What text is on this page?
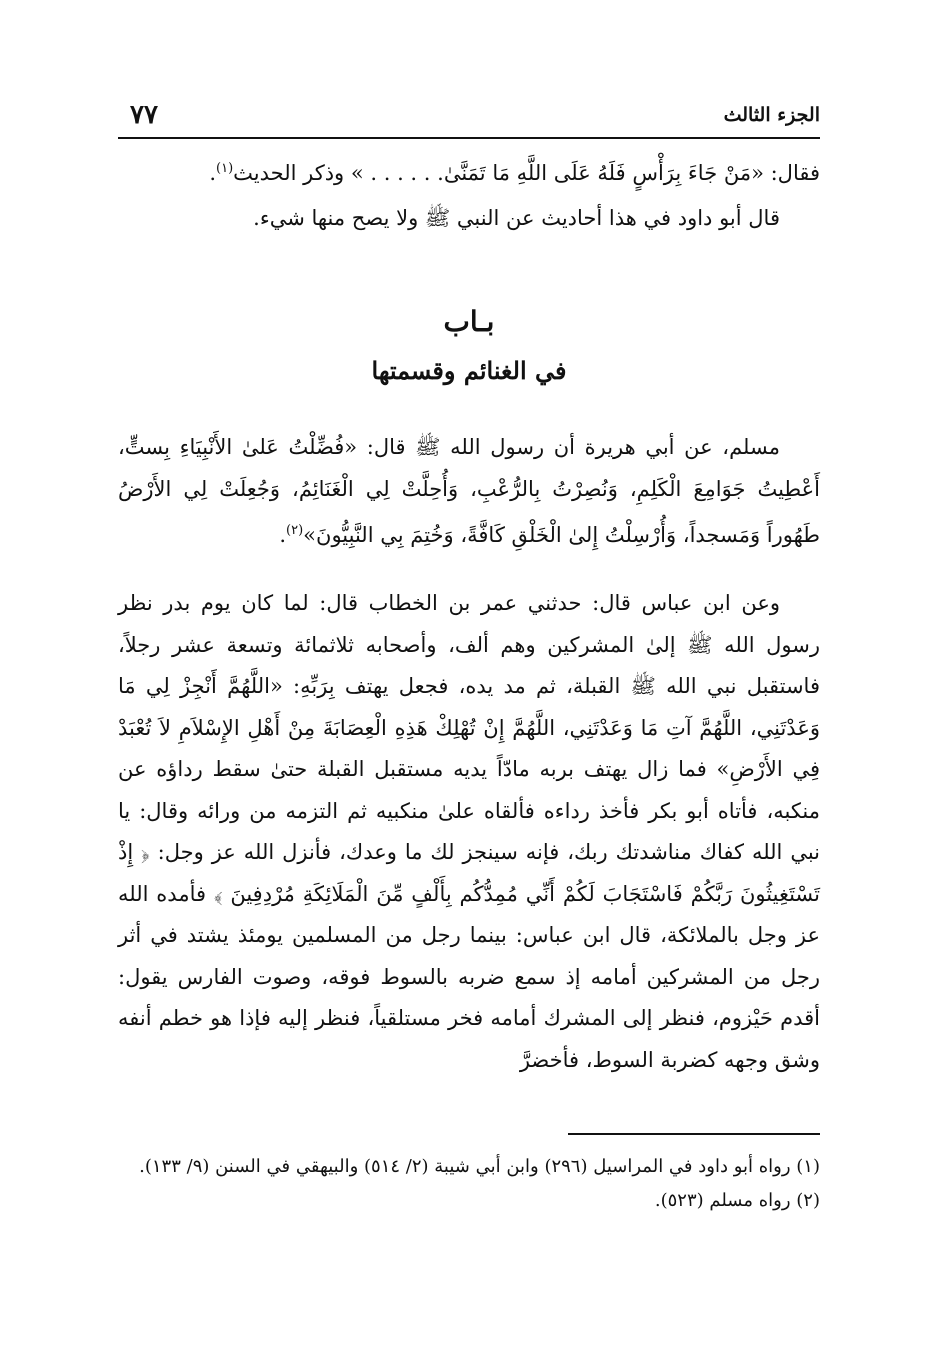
الجزء الثالث
٧٧

فقال: «مَنْ جَاءَ بِرَأْسٍ فَلَهُ عَلَى اللَّهِ مَا تَمَنَّىٰ. . . . . . » وذكر الحديث$^{(١)}$.

قال أبو داود في هذا أحاديث عن النبي ﷺ ولا يصح منها شيء.

بـاب
في الغنائم وقسمتها

مسلم، عن أبي هريرة أن رسول الله ﷺ قال: «فُضِّلْتُ عَلىٰ الأَنْبِيَاءِ بِستٍّ، أَعْطِيتُ جَوَامِعَ الْكَلِمِ، وَنُصِرْتُ بِالرُّعْبِ، وَأُحِلَّتْ لِي الْغَنَائِمُ، وَجُعِلَتْ لِي الأَرْضُ طَهُوراً وَمَسجداً، وَأُرْسِلْتُ إِلىٰ الْخَلْقِ كَافَّةً، وَخُتِمَ بِي النَّبِيُّونَ»$^{(٢)}$.

وعن ابن عباس قال: حدثني عمر بن الخطاب قال: لما كان يوم بدر نظر رسول الله ﷺ إلىٰ المشركين وهم ألف، وأصحابه ثلاثمائة وتسعة عشر رجلاً، فاستقبل نبي الله ﷺ القبلة، ثم مد يده، فجعل يهتف بِرَبِّهِ: «اللَّهُمَّ أَنْجِزْ لِي مَا وَعَدْتَنِي، اللَّهُمَّ آتِ مَا وَعَدْتَنِي، اللَّهُمَّ إِنْ تُهْلِكْ هَذِهِ الْعِصَابَةَ مِنْ أَهْلِ الإِسْلاَمِ لاَ تُعْبَدْ فِي الأَرْضِ» فما زال يهتف بربه مادّاً يديه مستقبل القبلة حتىٰ سقط رداؤه عن منكبه، فأتاه أبو بكر فأخذ رداءه فألقاه علىٰ منكبيه ثم التزمه من ورائه وقال: يا نبي الله كفاك مناشدتك ربك، فإنه سينجز لك ما وعدك، فأنزل الله عز وجل: ﴿ إِذْ تَسْتَغِيثُونَ رَبَّكُمْ فَاسْتَجَابَ لَكُمْ أَنِّي مُمِدُّكُم بِأَلْفٍ مِّنَ الْمَلَائِكَةِ مُرْدِفِينَ ﴾ فأمده الله عز وجل بالملائكة، قال ابن عباس: بينما رجل من المسلمين يومئذ يشتد في أثر رجل من المشركين أمامه إذ سمع ضربه بالسوط فوقه، وصوت الفارس يقول: أقدم حَيْزوم، فنظر إلى المشرك أمامه فخر مستلقياً، فنظر إليه فإذا هو خطم أنفه وشق وجهه كضربة السوط، فأخضرَّ

(١) رواه أبو داود في المراسيل (٢٩٦) وابن أبي شيبة (٢/ ٥١٤) والبيهقي في السنن (٩/ ١٣٣).

(٢) رواه مسلم (٥٢٣).
